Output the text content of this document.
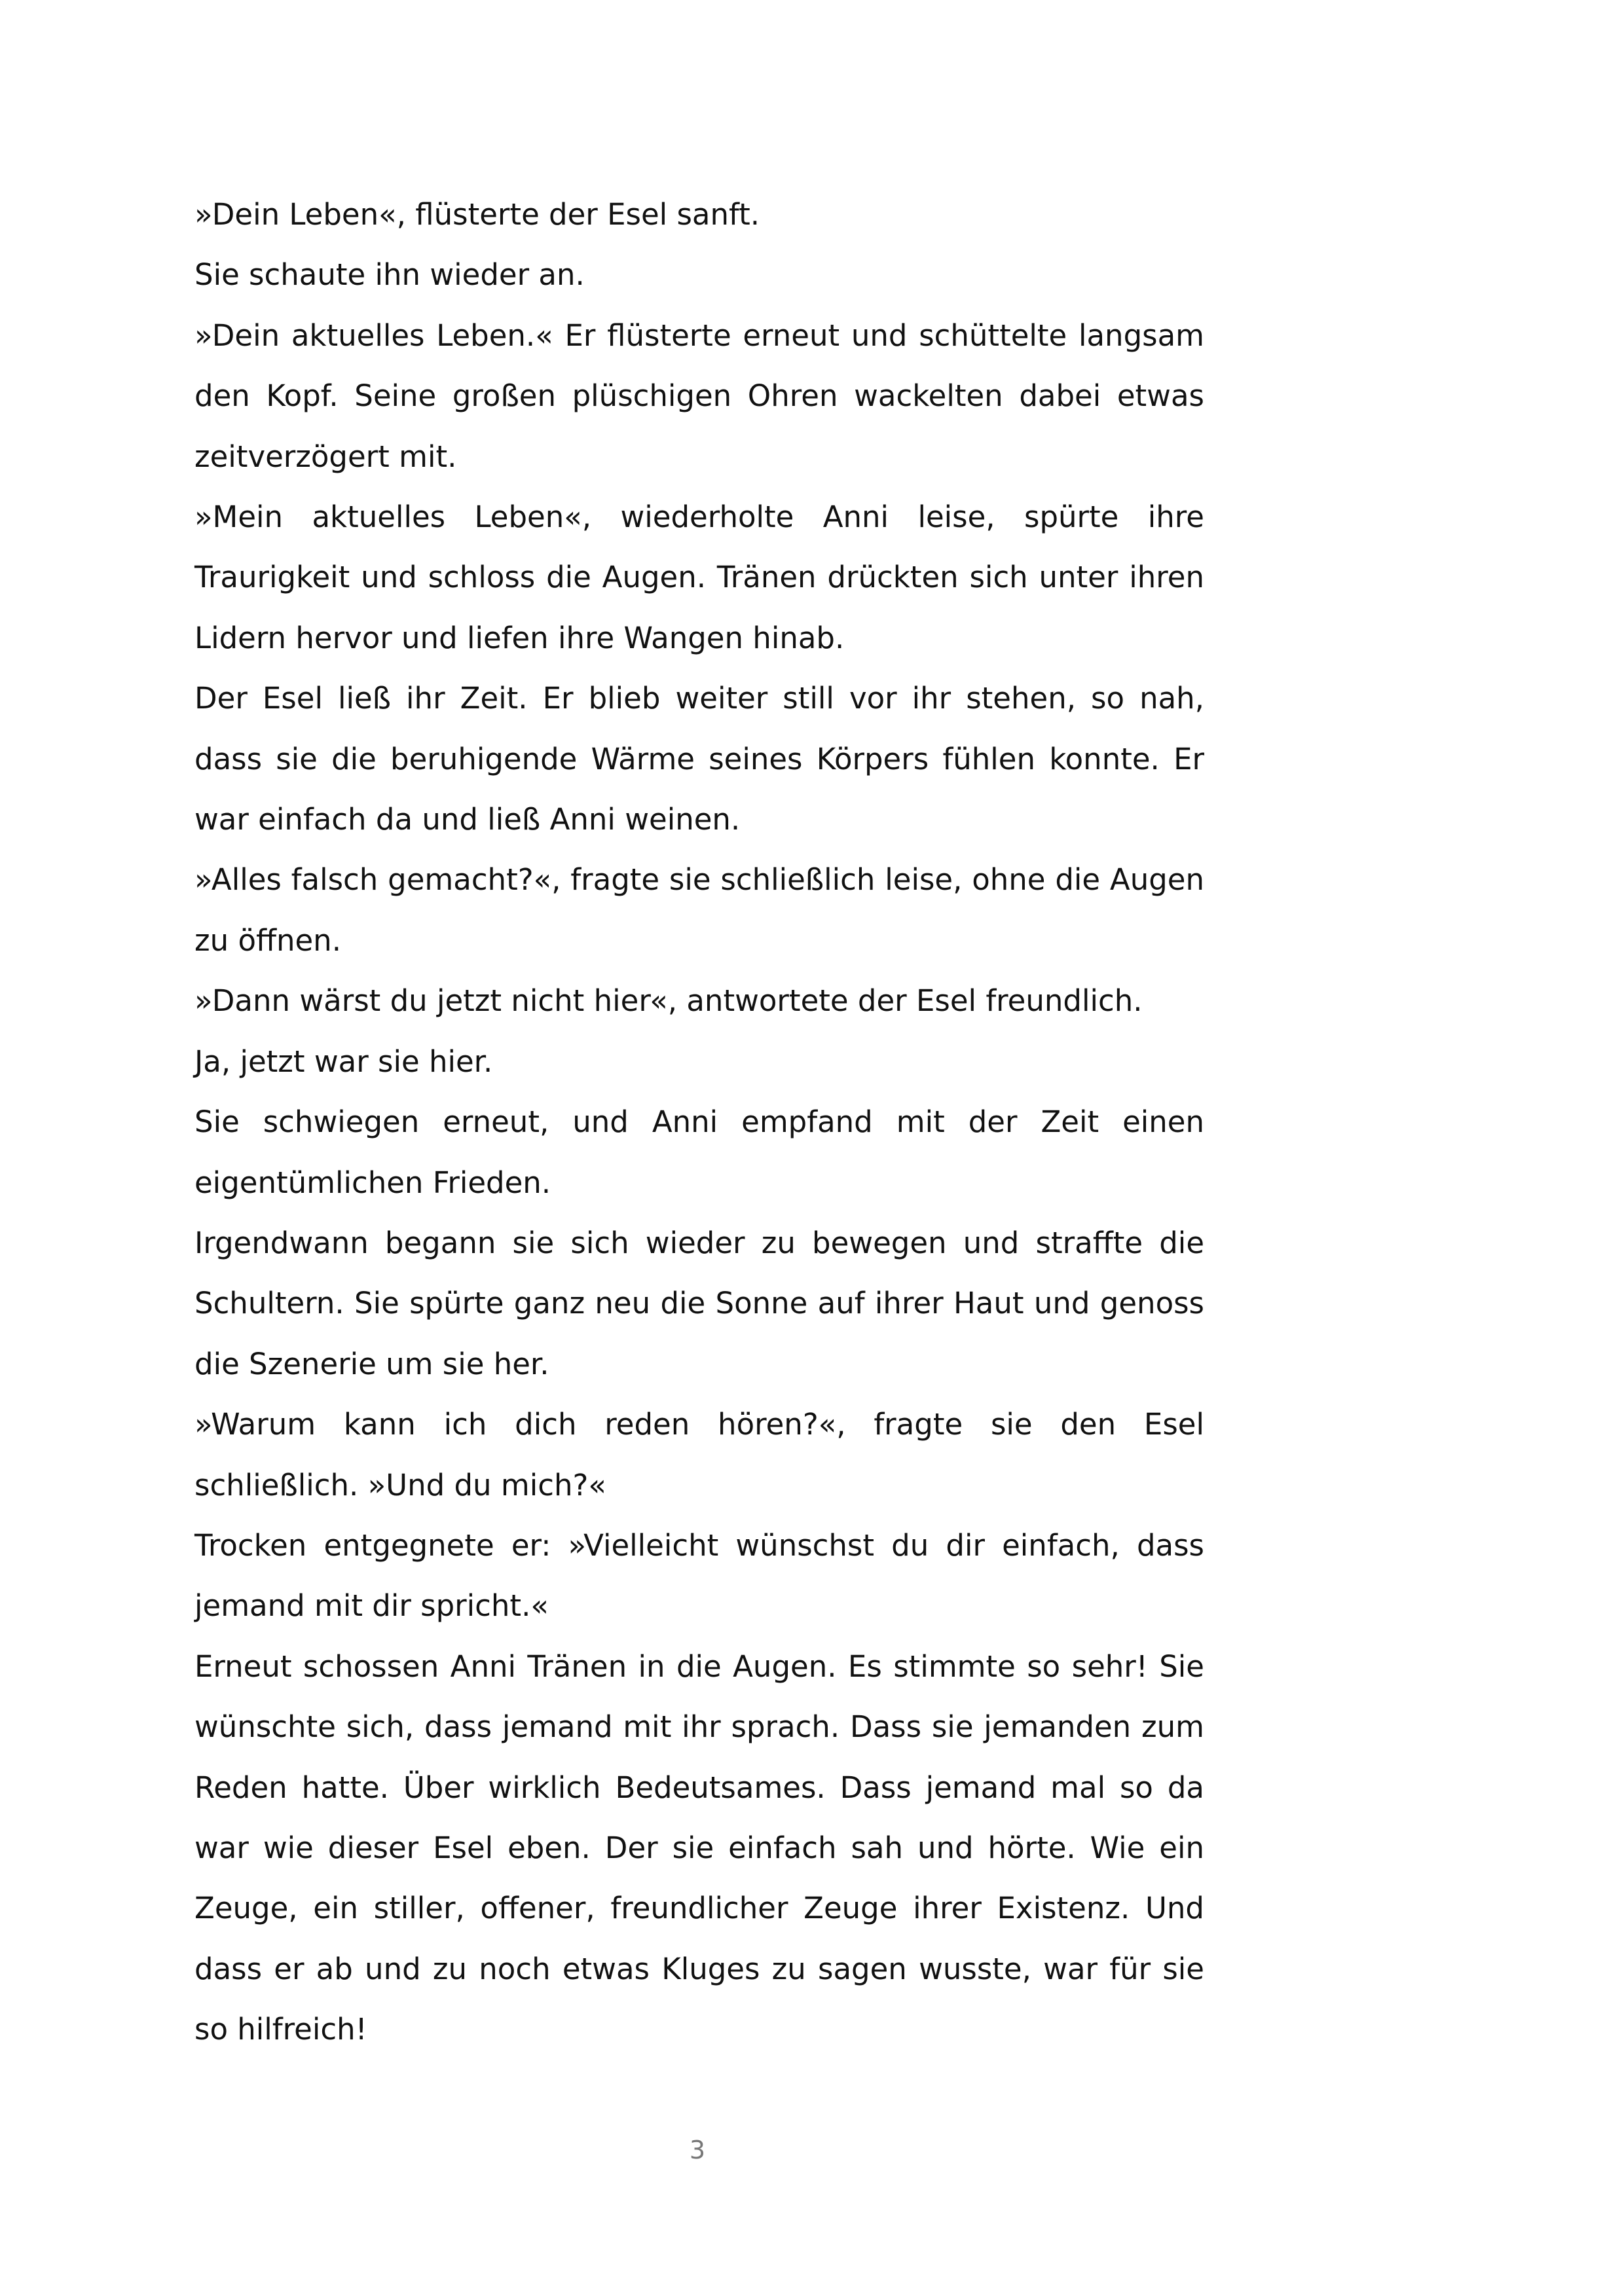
»Dein Leben«, flüsterte der Esel sanft.

Sie schaute ihn wieder an.

»Dein aktuelles Leben.« Er flüsterte erneut und schüttelte langsam den Kopf. Seine großen plüschigen Ohren wackelten dabei etwas zeitverzögert mit.

»Mein aktuelles Leben«, wiederholte Anni leise, spürte ihre Traurigkeit und schloss die Augen. Tränen drückten sich unter ihren Lidern hervor und liefen ihre Wangen hinab.

Der Esel ließ ihr Zeit. Er blieb weiter still vor ihr stehen, so nah, dass sie die beruhigende Wärme seines Körpers fühlen konnte. Er war einfach da und ließ Anni weinen.

»Alles falsch gemacht?«, fragte sie schließlich leise, ohne die Augen zu öffnen.

»Dann wärst du jetzt nicht hier«, antwortete der Esel freundlich.

Ja, jetzt war sie hier.

Sie schwiegen erneut, und Anni empfand mit der Zeit einen eigentümlichen Frieden.

Irgendwann begann sie sich wieder zu bewegen und straffte die Schultern. Sie spürte ganz neu die Sonne auf ihrer Haut und genoss die Szenerie um sie her.

»Warum kann ich dich reden hören?«, fragte sie den Esel schließlich. »Und du mich?«

Trocken entgegnete er: »Vielleicht wünschst du dir einfach, dass jemand mit dir spricht.«

Erneut schossen Anni Tränen in die Augen. Es stimmte so sehr! Sie wünschte sich, dass jemand mit ihr sprach. Dass sie jemanden zum Reden hatte. Über wirklich Bedeutsames. Dass jemand mal so da war wie dieser Esel eben. Der sie einfach sah und hörte. Wie ein Zeuge, ein stiller, offener, freundlicher Zeuge ihrer Existenz. Und dass er ab und zu noch etwas Kluges zu sagen wusste, war für sie so hilfreich!

3
